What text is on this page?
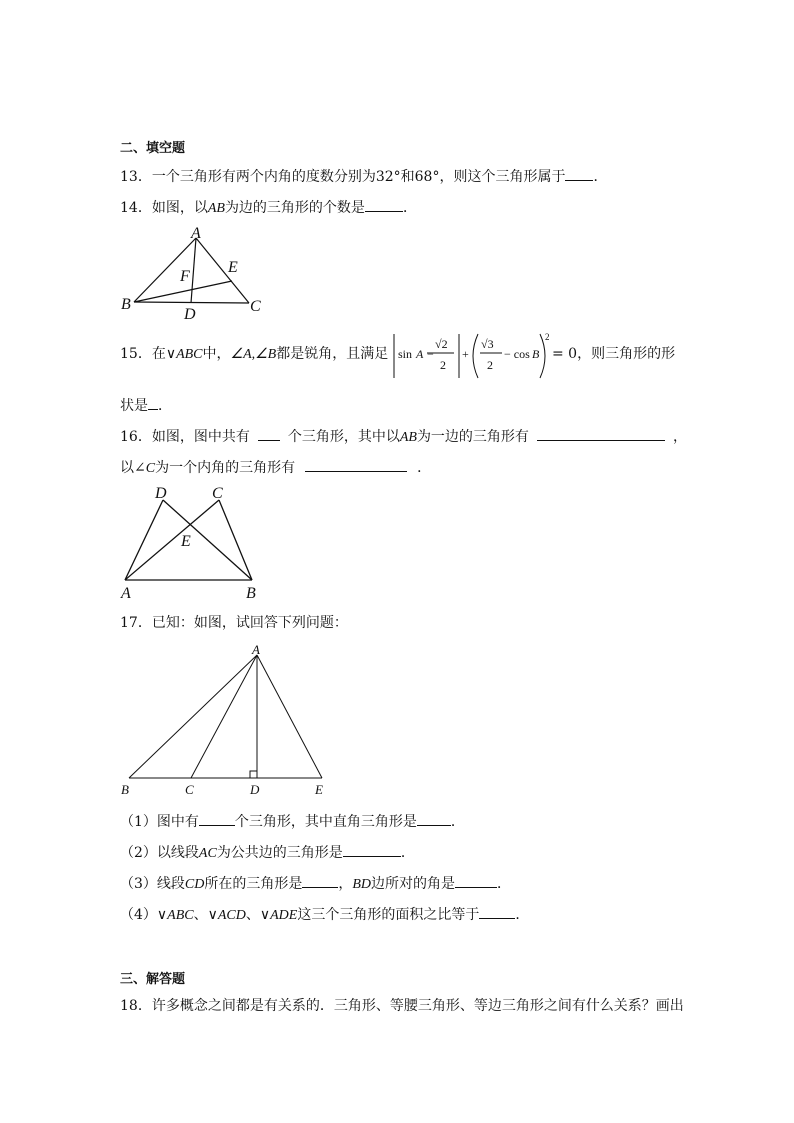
二、填空题
13．一个三角形有两个内角的度数分别为32°和68°，则这个三角形属于 ．
14．如图，以AB为边的三角形的个数是	．
A
E
F
B
D	C
15．在∨ABC中，∠A,∠B都是锐角，且满足 sin A −
√2
2
+
√3
2
− cos B
2
= 0，则三角形的形
状是 ．
16．如图，图中共有	个三角形，其中以AB为一边的三角形有	，
以∠C为一个内角的三角形有	．
D	C
E
A	B
17．已知：如图，试回答下列问题：
A
B	C	D	E
（1）图中有	个三角形，其中直角三角形是 ．
（2）以线段AC为公共边的三角形是	．
（3）线段CD所在的三角形是	，BD边所对的角是	．
（4）∨ABC、∨ACD、∨ADE这三个三角形的面积之比等于	．
三、解答题
18．许多概念之间都是有关系的．三角形、等腰三角形、等边三角形之间有什么关系？画出
